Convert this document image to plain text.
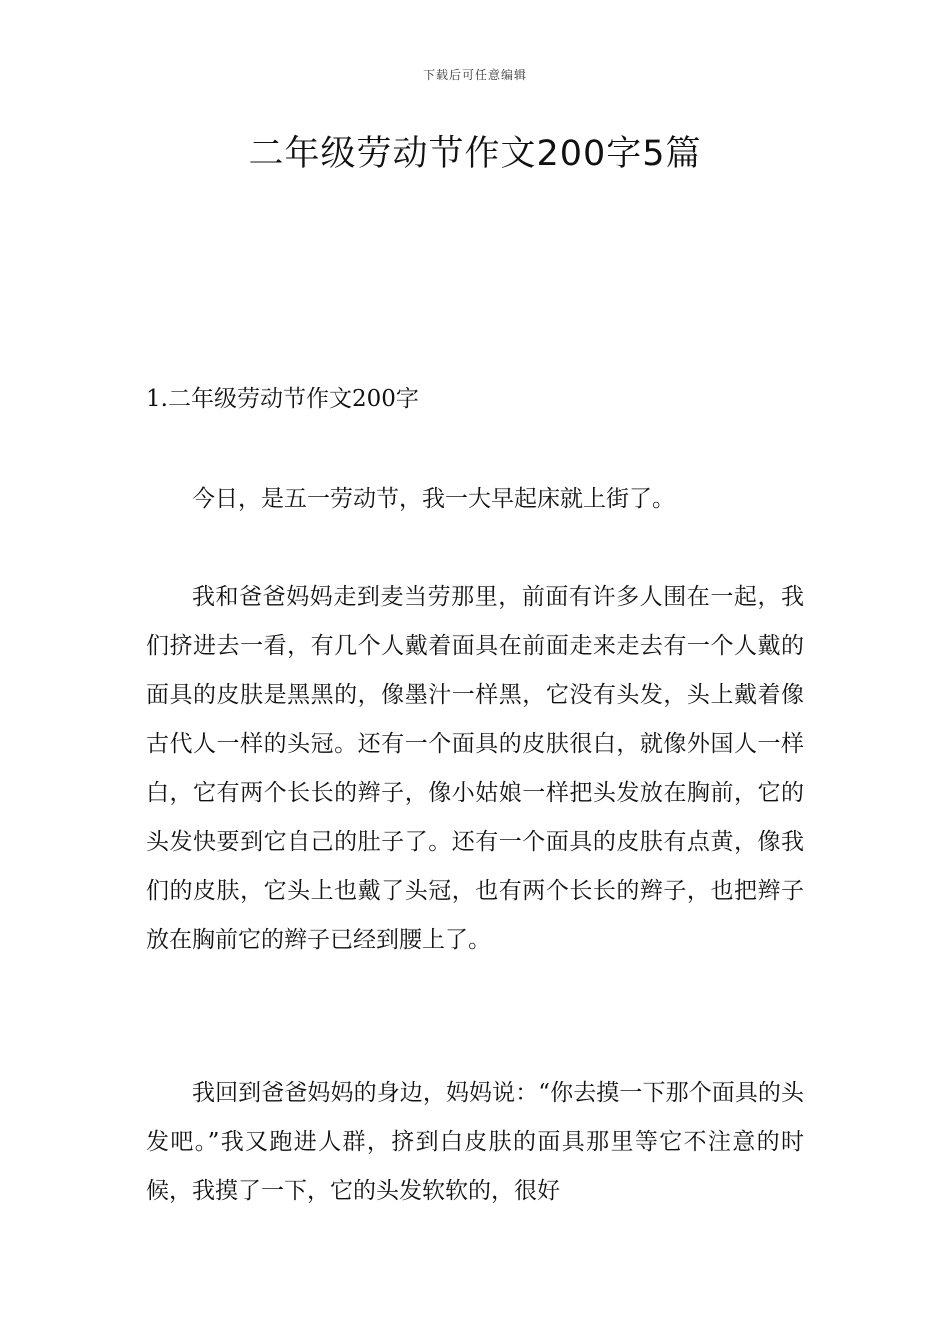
下载后可任意编辑
二年级劳动节作文200字5篇
1.二年级劳动节作文200字

今日，是五一劳动节，我一大早起床就上街了。

我和爸爸妈妈走到麦当劳那里，前面有许多人围在一起，我们挤进去一看，有几个人戴着面具在前面走来走去有一个人戴的面具的皮肤是黑黑的，像墨汁一样黑，它没有头发，头上戴着像古代人一样的头冠。还有一个面具的皮肤很白，就像外国人一样白，它有两个长长的辫子，像小姑娘一样把头发放在胸前，它的头发快要到它自己的肚子了。还有一个面具的皮肤有点黄，像我们的皮肤，它头上也戴了头冠，也有两个长长的辫子，也把辫子放在胸前它的辫子已经到腰上了。

我回到爸爸妈妈的身边，妈妈说：“你去摸一下那个面具的头发吧。”我又跑进人群，挤到白皮肤的面具那里等它不注意的时候，我摸了一下，它的头发软软的，很好
